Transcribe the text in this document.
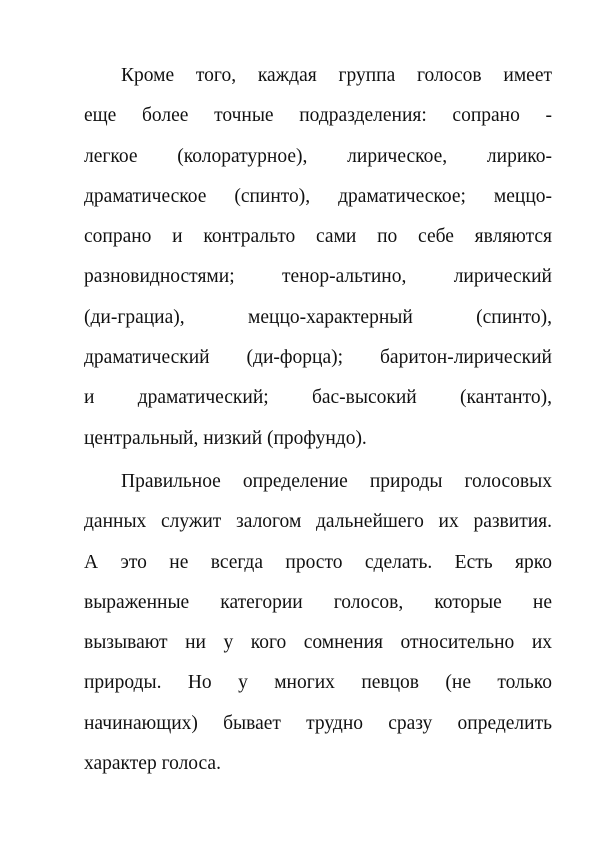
Кроме того, каждая группа голосов имеет
еще более точные подразделения: сопрано -
легкое (колоратурное), лирическое, лирико-
драматическое (спинто), драматическое; меццо-
сопрано и контральто сами по себе являются
разновидностями; тенор-альтино, лирический
(ди-грациа), меццо-характерный (спинто),
драматический (ди-форца); баритон-лирический
и драматический; бас-высокий (кантанто),
центральный, низкий (профундо).
Правильное определение природы голосовых
данных служит залогом дальнейшего их развития.
А это не всегда просто сделать. Есть ярко
выраженные категории голосов, которые не
вызывают ни у кого сомнения относительно их
природы. Но у многих певцов (не только
начинающих) бывает трудно сразу определить
характер голоса.
